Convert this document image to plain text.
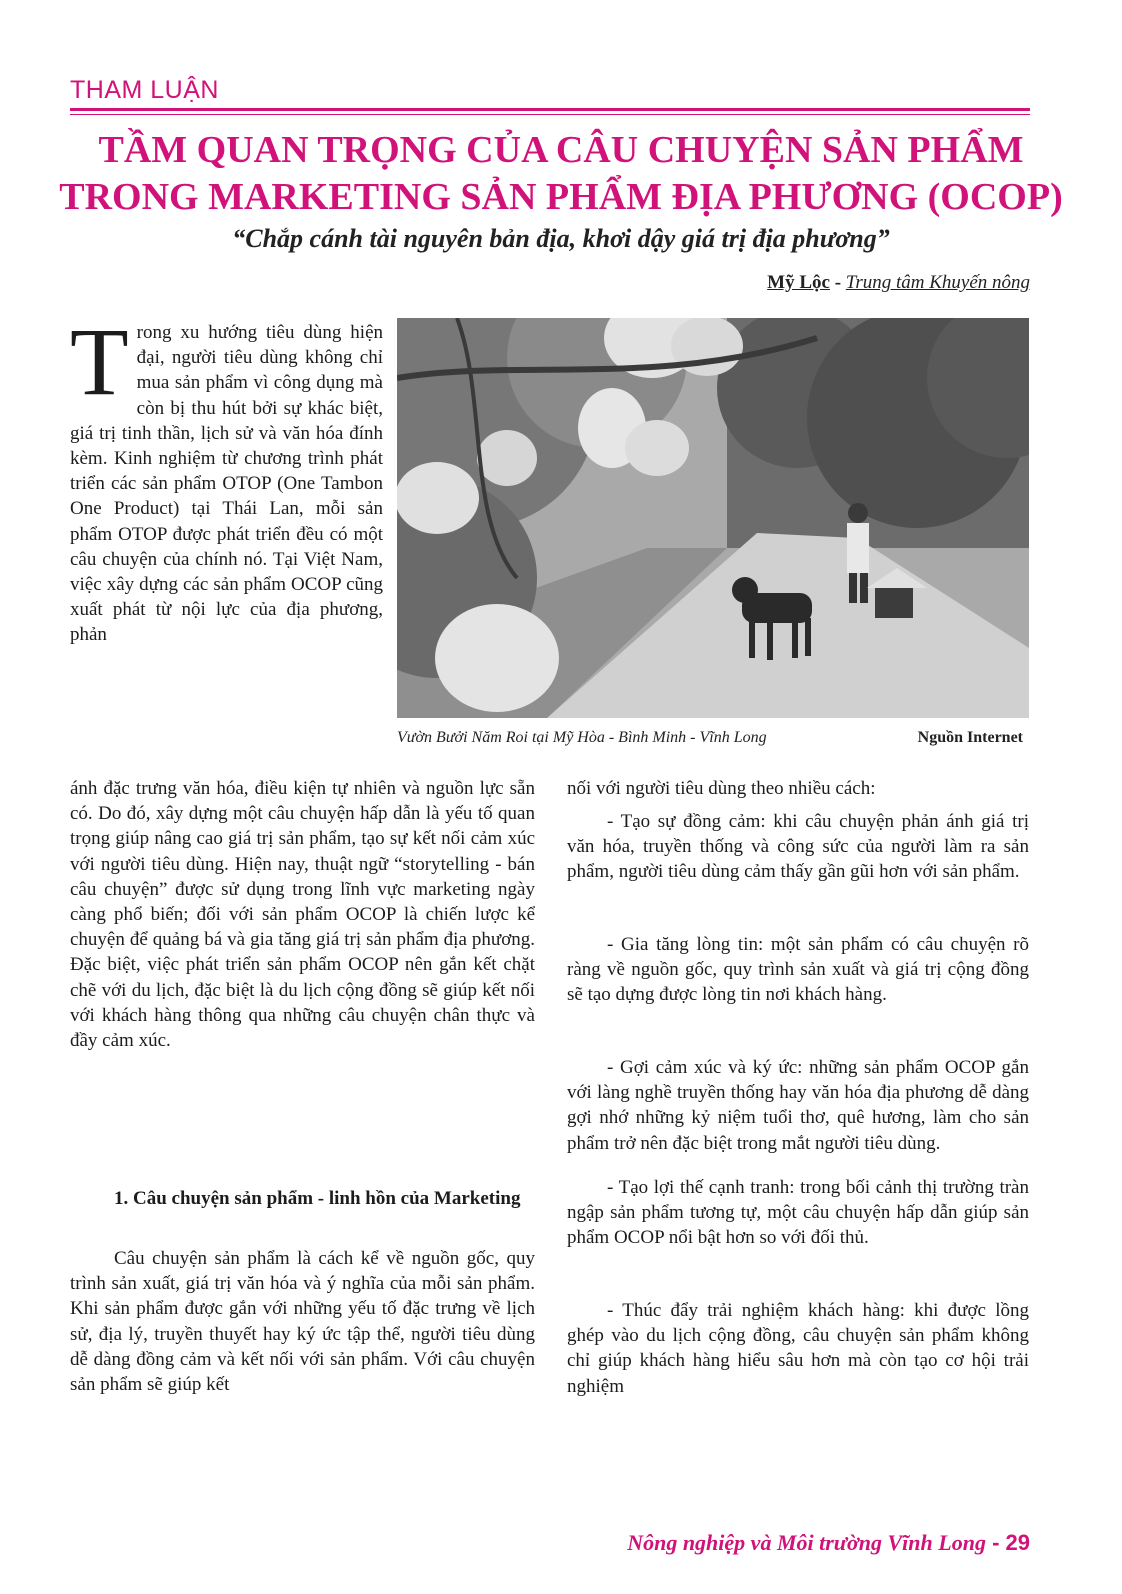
THAM LUẬN
TẦM QUAN TRỌNG CỦA CÂU CHUYỆN SẢN PHẨM
TRONG MARKETING SẢN PHẨM ĐỊA PHƯƠNG (OCOP)

“Chắp cánh tài nguyên bản địa, khơi dậy giá trị địa phương”

Mỹ Lộc - Trung tâm Khuyến nông
Vườn Bưởi Năm Roi tại Mỹ Hòa - Bình Minh - Vĩnh Long	Nguồn Internet

Trong xu hướng tiêu dùng hiện đại, người tiêu dùng không chỉ mua sản phẩm vì công dụng mà còn bị thu hút bởi sự khác biệt, giá trị tinh thần, lịch sử và văn hóa đính kèm. Kinh nghiệm từ chương trình phát triển các sản phẩm OTOP (One Tambon One Product) tại Thái Lan, mỗi sản phẩm OTOP được phát triển đều có một câu chuyện của chính nó. Tại Việt Nam, việc xây dựng các sản phẩm OCOP cũng xuất phát từ nội lực của địa phương, phản

ánh đặc trưng văn hóa, điều kiện tự nhiên và nguồn lực sẵn có. Do đó, xây dựng một câu chuyện hấp dẫn là yếu tố quan trọng giúp nâng cao giá trị sản phẩm, tạo sự kết nối cảm xúc với người tiêu dùng. Hiện nay, thuật ngữ “storytelling - bán câu chuyện” được sử dụng trong lĩnh vực marketing ngày càng phổ biến; đối với sản phẩm OCOP là chiến lược kể chuyện để quảng bá và gia tăng giá trị sản phẩm địa phương. Đặc biệt, việc phát triển sản phẩm OCOP nên gắn kết chặt chẽ với du lịch, đặc biệt là du lịch cộng đồng sẽ giúp kết nối với khách hàng thông qua những câu chuyện chân thực và đầy cảm xúc.

1. Câu chuyện sản phẩm - linh hồn của Marketing

Câu chuyện sản phẩm là cách kể về nguồn gốc, quy trình sản xuất, giá trị văn hóa và ý nghĩa của mỗi sản phẩm. Khi sản phẩm được gắn với những yếu tố đặc trưng về lịch sử, địa lý, truyền thuyết hay ký ức tập thể, người tiêu dùng dễ dàng đồng cảm và kết nối với sản phẩm. Với câu chuyện sản phẩm sẽ giúp kết

nối với người tiêu dùng theo nhiều cách:

- Tạo sự đồng cảm: khi câu chuyện phản ánh giá trị văn hóa, truyền thống và công sức của người làm ra sản phẩm, người tiêu dùng cảm thấy gần gũi hơn với sản phẩm.

- Gia tăng lòng tin: một sản phẩm có câu chuyện rõ ràng về nguồn gốc, quy trình sản xuất và giá trị cộng đồng sẽ tạo dựng được lòng tin nơi khách hàng.

- Gợi cảm xúc và ký ức: những sản phẩm OCOP gắn với làng nghề truyền thống hay văn hóa địa phương dễ dàng gợi nhớ những kỷ niệm tuổi thơ, quê hương, làm cho sản phẩm trở nên đặc biệt trong mắt người tiêu dùng.

- Tạo lợi thế cạnh tranh: trong bối cảnh thị trường tràn ngập sản phẩm tương tự, một câu chuyện hấp dẫn giúp sản phẩm OCOP nổi bật hơn so với đối thủ.

- Thúc đẩy trải nghiệm khách hàng: khi được lồng ghép vào du lịch cộng đồng, câu chuyện sản phẩm không chỉ giúp khách hàng hiểu sâu hơn mà còn tạo cơ hội trải nghiệm

Nông nghiệp và Môi trường Vĩnh Long - 29
